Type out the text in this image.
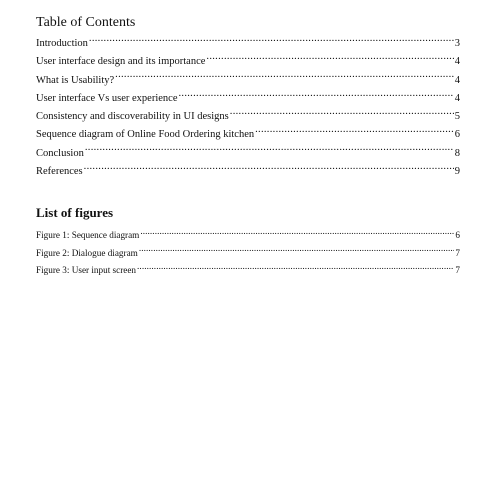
Table of Contents
Introduction .....	3
User interface design and its importance .....	4
What is Usability? .....	4
User interface Vs user experience .....	4
Consistency and discoverability in UI designs .....	5
Sequence diagram of Online Food Ordering kitchen .....	6
Conclusion .....	8
References .....	9
List of figures
Figure 1: Sequence diagram .....	6
Figure 2: Dialogue diagram .....	7
Figure 3: User input screen .....	7
